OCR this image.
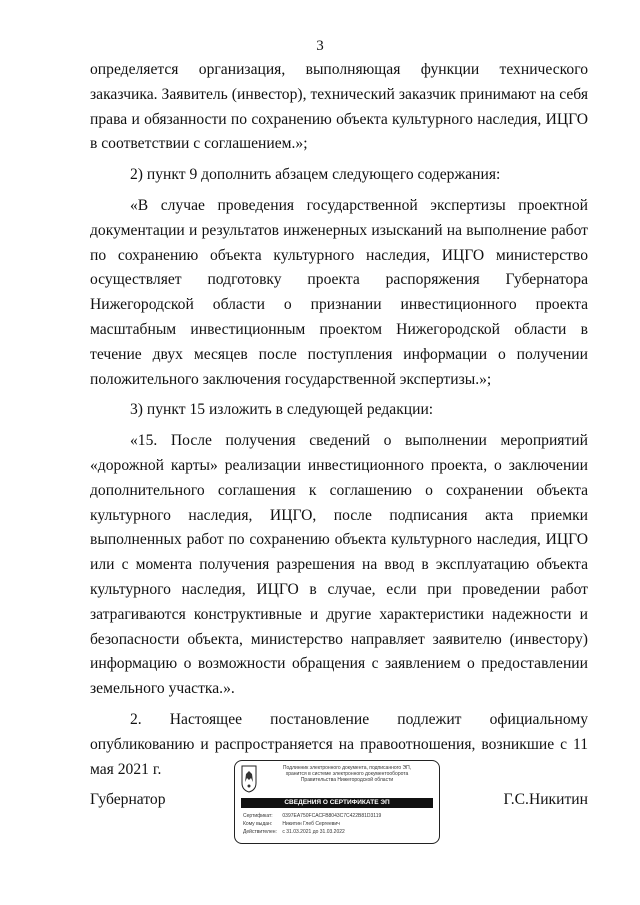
3

определяется организация, выполняющая функции технического заказчика. Заявитель (инвестор), технический заказчик принимают на себя права и обязанности по сохранению объекта культурного наследия, ИЦГО в соответствии с соглашением.»;

2) пункт 9 дополнить абзацем следующего содержания:

«В случае проведения государственной экспертизы проектной документации и результатов инженерных изысканий на выполнение работ по сохранению объекта культурного наследия, ИЦГО министерство осуществляет подготовку проекта распоряжения Губернатора Нижегородской области о признании инвестиционного проекта масштабным инвестиционным проектом Нижегородской области в течение двух месяцев после поступления информации о получении положительного заключения государственной экспертизы.»;

3) пункт 15 изложить в следующей редакции:

«15. После получения сведений о выполнении мероприятий «дорожной карты» реализации инвестиционного проекта, о заключении дополнительного соглашения к соглашению о сохранении объекта культурного наследия, ИЦГО, после подписания акта приемки выполненных работ по сохранению объекта культурного наследия, ИЦГО или с момента получения разрешения на ввод в эксплуатацию объекта культурного наследия, ИЦГО в случае, если при проведении работ затрагиваются конструктивные и другие характеристики надежности и безопасности объекта, министерство направляет заявителю (инвестору) информацию о возможности обращения с заявлением о предоставлении земельного участка.».

2. Настоящее постановление подлежит официальному опубликованию и распространяется на правоотношения, возникшие с 11 мая 2021 г.

Губернатор	Г.С.Никитин
Подлинник электронного документа, подписанного ЭП,
хранится в системе электронного документооборота
Правительства Нижегородской области
СВЕДЕНИЯ О СЕРТИФИКАТЕ ЭП
Сертификат: 0397EA750FCACFB8043C7C422B81D3119
Кому выдан: Никитин Глеб Сергеевич
Действителен: с 31.03.2021 до 31.03.2022
